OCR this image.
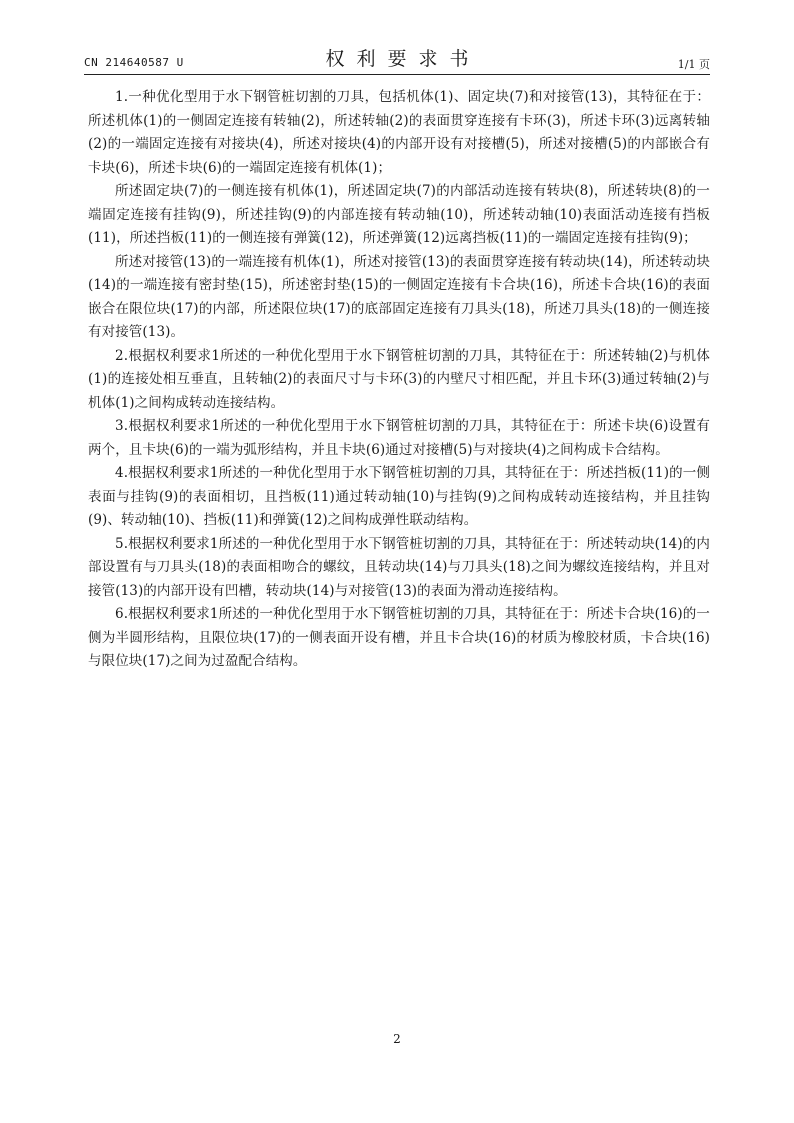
CN 214640587 U	权利要求书	1/1 页

1.一种优化型用于水下钢管桩切割的刀具，包括机体(1)、固定块(7)和对接管(13)，其特征在于：所述机体(1)的一侧固定连接有转轴(2)，所述转轴(2)的表面贯穿连接有卡环(3)，所述卡环(3)远离转轴(2)的一端固定连接有对接块(4)，所述对接块(4)的内部开设有对接槽(5)，所述对接槽(5)的内部嵌合有卡块(6)，所述卡块(6)的一端固定连接有机体(1)；

所述固定块(7)的一侧连接有机体(1)，所述固定块(7)的内部活动连接有转块(8)，所述转块(8)的一端固定连接有挂钩(9)，所述挂钩(9)的内部连接有转动轴(10)，所述转动轴(10)表面活动连接有挡板(11)，所述挡板(11)的一侧连接有弹簧(12)，所述弹簧(12)远离挡板(11)的一端固定连接有挂钩(9)；

所述对接管(13)的一端连接有机体(1)，所述对接管(13)的表面贯穿连接有转动块(14)，所述转动块(14)的一端连接有密封垫(15)，所述密封垫(15)的一侧固定连接有卡合块(16)，所述卡合块(16)的表面嵌合在限位块(17)的内部，所述限位块(17)的底部固定连接有刀具头(18)，所述刀具头(18)的一侧连接有对接管(13)。

2.根据权利要求1所述的一种优化型用于水下钢管桩切割的刀具，其特征在于：所述转轴(2)与机体(1)的连接处相互垂直，且转轴(2)的表面尺寸与卡环(3)的内壁尺寸相匹配，并且卡环(3)通过转轴(2)与机体(1)之间构成转动连接结构。

3.根据权利要求1所述的一种优化型用于水下钢管桩切割的刀具，其特征在于：所述卡块(6)设置有两个，且卡块(6)的一端为弧形结构，并且卡块(6)通过对接槽(5)与对接块(4)之间构成卡合结构。

4.根据权利要求1所述的一种优化型用于水下钢管桩切割的刀具，其特征在于：所述挡板(11)的一侧表面与挂钩(9)的表面相切，且挡板(11)通过转动轴(10)与挂钩(9)之间构成转动连接结构，并且挂钩(9)、转动轴(10)、挡板(11)和弹簧(12)之间构成弹性联动结构。

5.根据权利要求1所述的一种优化型用于水下钢管桩切割的刀具，其特征在于：所述转动块(14)的内部设置有与刀具头(18)的表面相吻合的螺纹，且转动块(14)与刀具头(18)之间为螺纹连接结构，并且对接管(13)的内部开设有凹槽，转动块(14)与对接管(13)的表面为滑动连接结构。

6.根据权利要求1所述的一种优化型用于水下钢管桩切割的刀具，其特征在于：所述卡合块(16)的一侧为半圆形结构，且限位块(17)的一侧表面开设有槽，并且卡合块(16)的材质为橡胶材质，卡合块(16)与限位块(17)之间为过盈配合结构。

2
